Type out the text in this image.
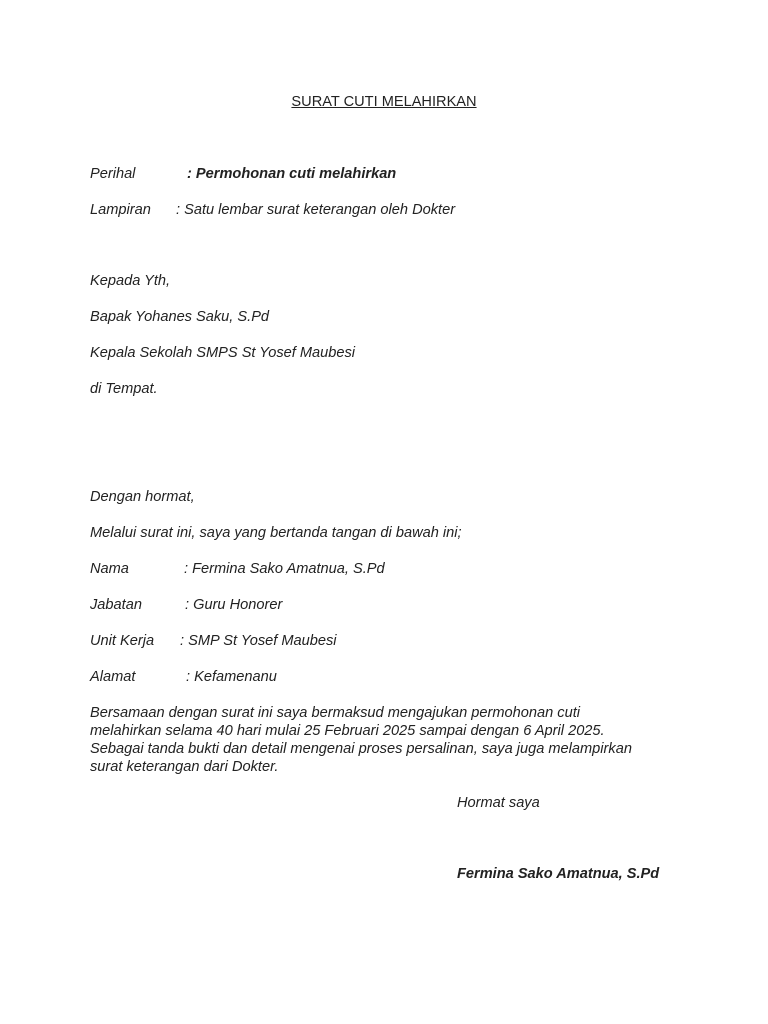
SURAT CUTI MELAHIRKAN
Perihal	: Permohonan cuti melahirkan
Lampiran : Satu lembar surat keterangan oleh Dokter
Kepada Yth,
Bapak Yohanes Saku, S.Pd
Kepala Sekolah SMPS St Yosef Maubesi
di Tempat.
Dengan hormat,
Melalui surat ini, saya yang bertanda tangan di bawah ini;
Nama	: Fermina Sako Amatnua, S.Pd
Jabatan	: Guru Honorer
Unit Kerja : SMP St Yosef Maubesi
Alamat	: Kefamenanu
Bersamaan dengan surat ini saya bermaksud mengajukan permohonan cuti
melahirkan selama 40 hari mulai 25 Februari 2025 sampai dengan 6 April 2025.
Sebagai tanda bukti dan detail mengenai proses persalinan, saya juga melampirkan
surat keterangan dari Dokter.
Hormat saya
Fermina Sako Amatnua, S.Pd
